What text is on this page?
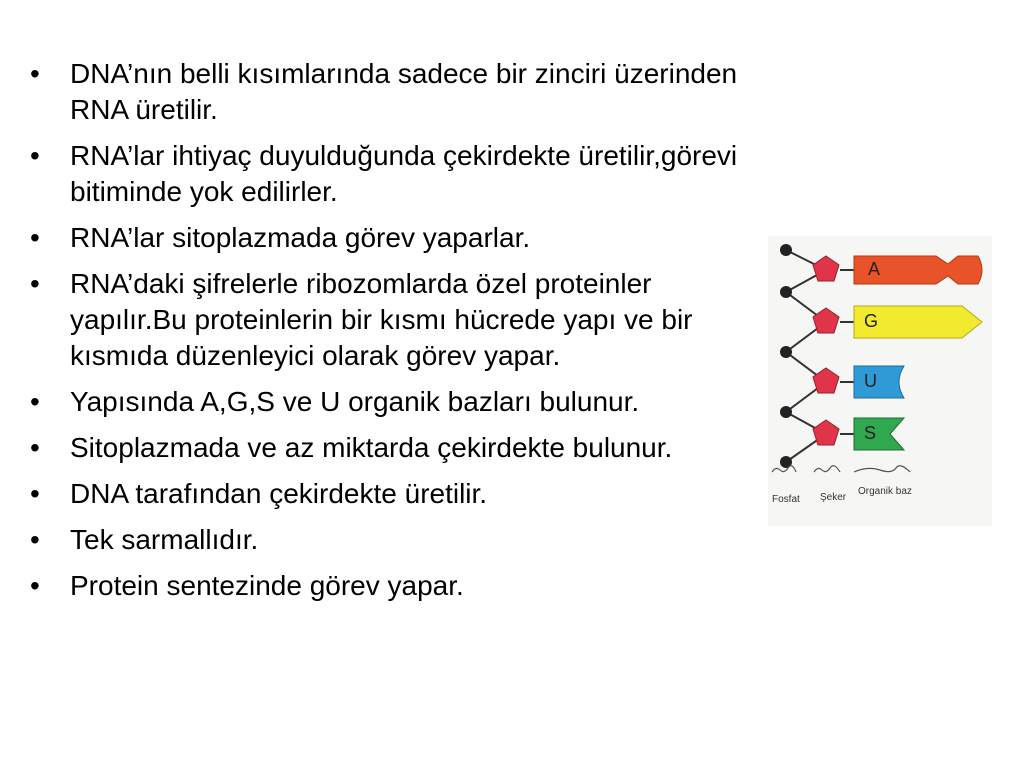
• DNA’nın belli kısımlarında sadece bir zinciri üzerinden RNA üretilir.
• RNA’lar ihtiyaç duyulduğunda çekirdekte üretilir,görevi bitiminde yok edilirler.
• RNA’lar sitoplazmada görev yaparlar.
• RNA’daki şifrelerle ribozomlarda özel proteinler yapılır.Bu proteinlerin bir kısmı hücrede yapı ve bir kısmıda düzenleyici olarak görev yapar.
• Yapısında A,G,S ve U organik bazları bulunur.
• Sitoplazmada ve az miktarda çekirdekte bulunur.
• DNA tarafından çekirdekte üretilir.
• Tek sarmallıdır.
• Protein sentezinde görev yapar.
A
G
U
S
Fosfat Şeker
Organik baz
